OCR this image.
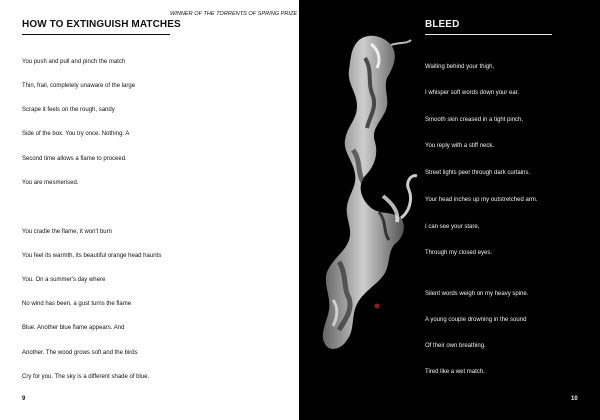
HOW TO EXTINGUISH MATCHES
WINNER OF THE TORRENTS OF SPRING PRIZE
You push and pull and pinch the match
Thin, frail, completely unaware of the large
Scrape it feels on the rough, sandy
Side of the box. You try once. Nothing. A
Second time allows a flame to proceed.
You are mesmerised.
You cradle the flame, it won't burn
You feel its warmth, its beautiful orange head haunts
You. On a summer's day where
No wind has been, a gust turns the flame
Blue. Another blue flame appears. And
Another. The wood grows soft and the birds
Cry for you. The sky is a different shade of blue.
9
BLEED
Waiting behind your thigh,
I whisper soft words down your ear.
Smooth skin creased in a tight pinch,
You reply with a stiff neck.
Street lights peer through dark curtains.
Your head inches up my outstretched arm.
I can see your stare,
Through my closed eyes.
Silent words weigh on my heavy spine.
A young couple drowning in the sound
Of their own breathing.
Tired like a wet match.
10
